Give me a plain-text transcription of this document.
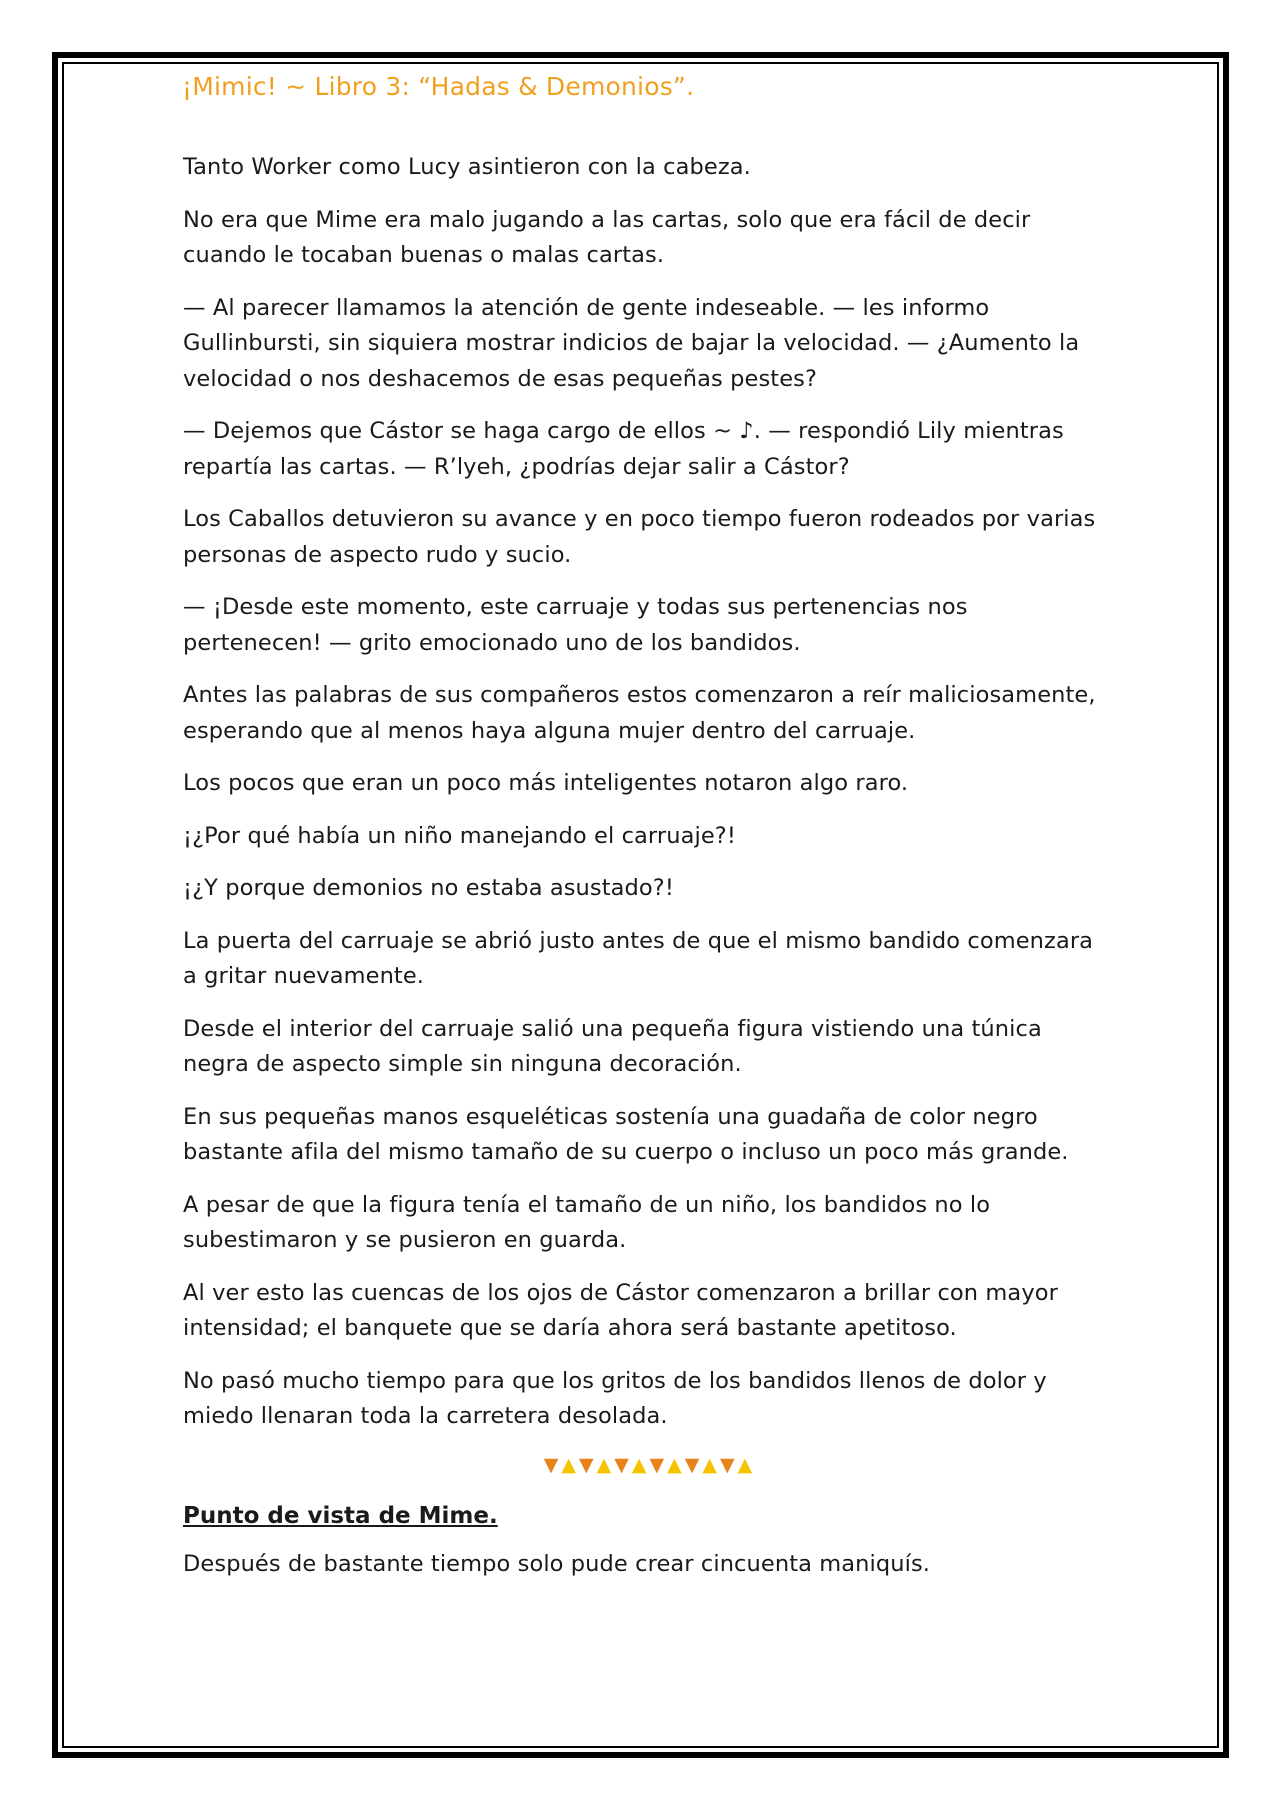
¡Mimic! ~ Libro 3: “Hadas & Demonios”.

Tanto Worker como Lucy asintieron con la cabeza.

No era que Mime era malo jugando a las cartas, solo que era fácil de decir cuando le tocaban buenas o malas cartas.

— Al parecer llamamos la atención de gente indeseable. — les informo Gullinbursti, sin siquiera mostrar indicios de bajar la velocidad. — ¿Aumento la velocidad o nos deshacemos de esas pequeñas pestes?

— Dejemos que Cástor se haga cargo de ellos ~ ♪. — respondió Lily mientras repartía las cartas. — R’lyeh, ¿podrías dejar salir a Cástor?

Los Caballos detuvieron su avance y en poco tiempo fueron rodeados por varias personas de aspecto rudo y sucio.

— ¡Desde este momento, este carruaje y todas sus pertenencias nos pertenecen! — grito emocionado uno de los bandidos.

Antes las palabras de sus compañeros estos comenzaron a reír maliciosamente, esperando que al menos haya alguna mujer dentro del carruaje.

Los pocos que eran un poco más inteligentes notaron algo raro.

¡¿Por qué había un niño manejando el carruaje?!

¡¿Y porque demonios no estaba asustado?!

La puerta del carruaje se abrió justo antes de que el mismo bandido comenzara a gritar nuevamente.

Desde el interior del carruaje salió una pequeña figura vistiendo una túnica negra de aspecto simple sin ninguna decoración.

En sus pequeñas manos esqueléticas sostenía una guadaña de color negro bastante afila del mismo tamaño de su cuerpo o incluso un poco más grande.

A pesar de que la figura tenía el tamaño de un niño, los bandidos no lo subestimaron y se pusieron en guarda.

Al ver esto las cuencas de los ojos de Cástor comenzaron a brillar con mayor intensidad; el banquete que se daría ahora será bastante apetitoso.

No pasó mucho tiempo para que los gritos de los bandidos llenos de dolor y miedo llenaran toda la carretera desolada.

▼ ▲ ▼ ▲ ▼ ▲ ▼ ▲ ▼ ▲ ▼ ▲
Punto de vista de Mime.

Después de bastante tiempo solo pude crear cincuenta maniquís.
